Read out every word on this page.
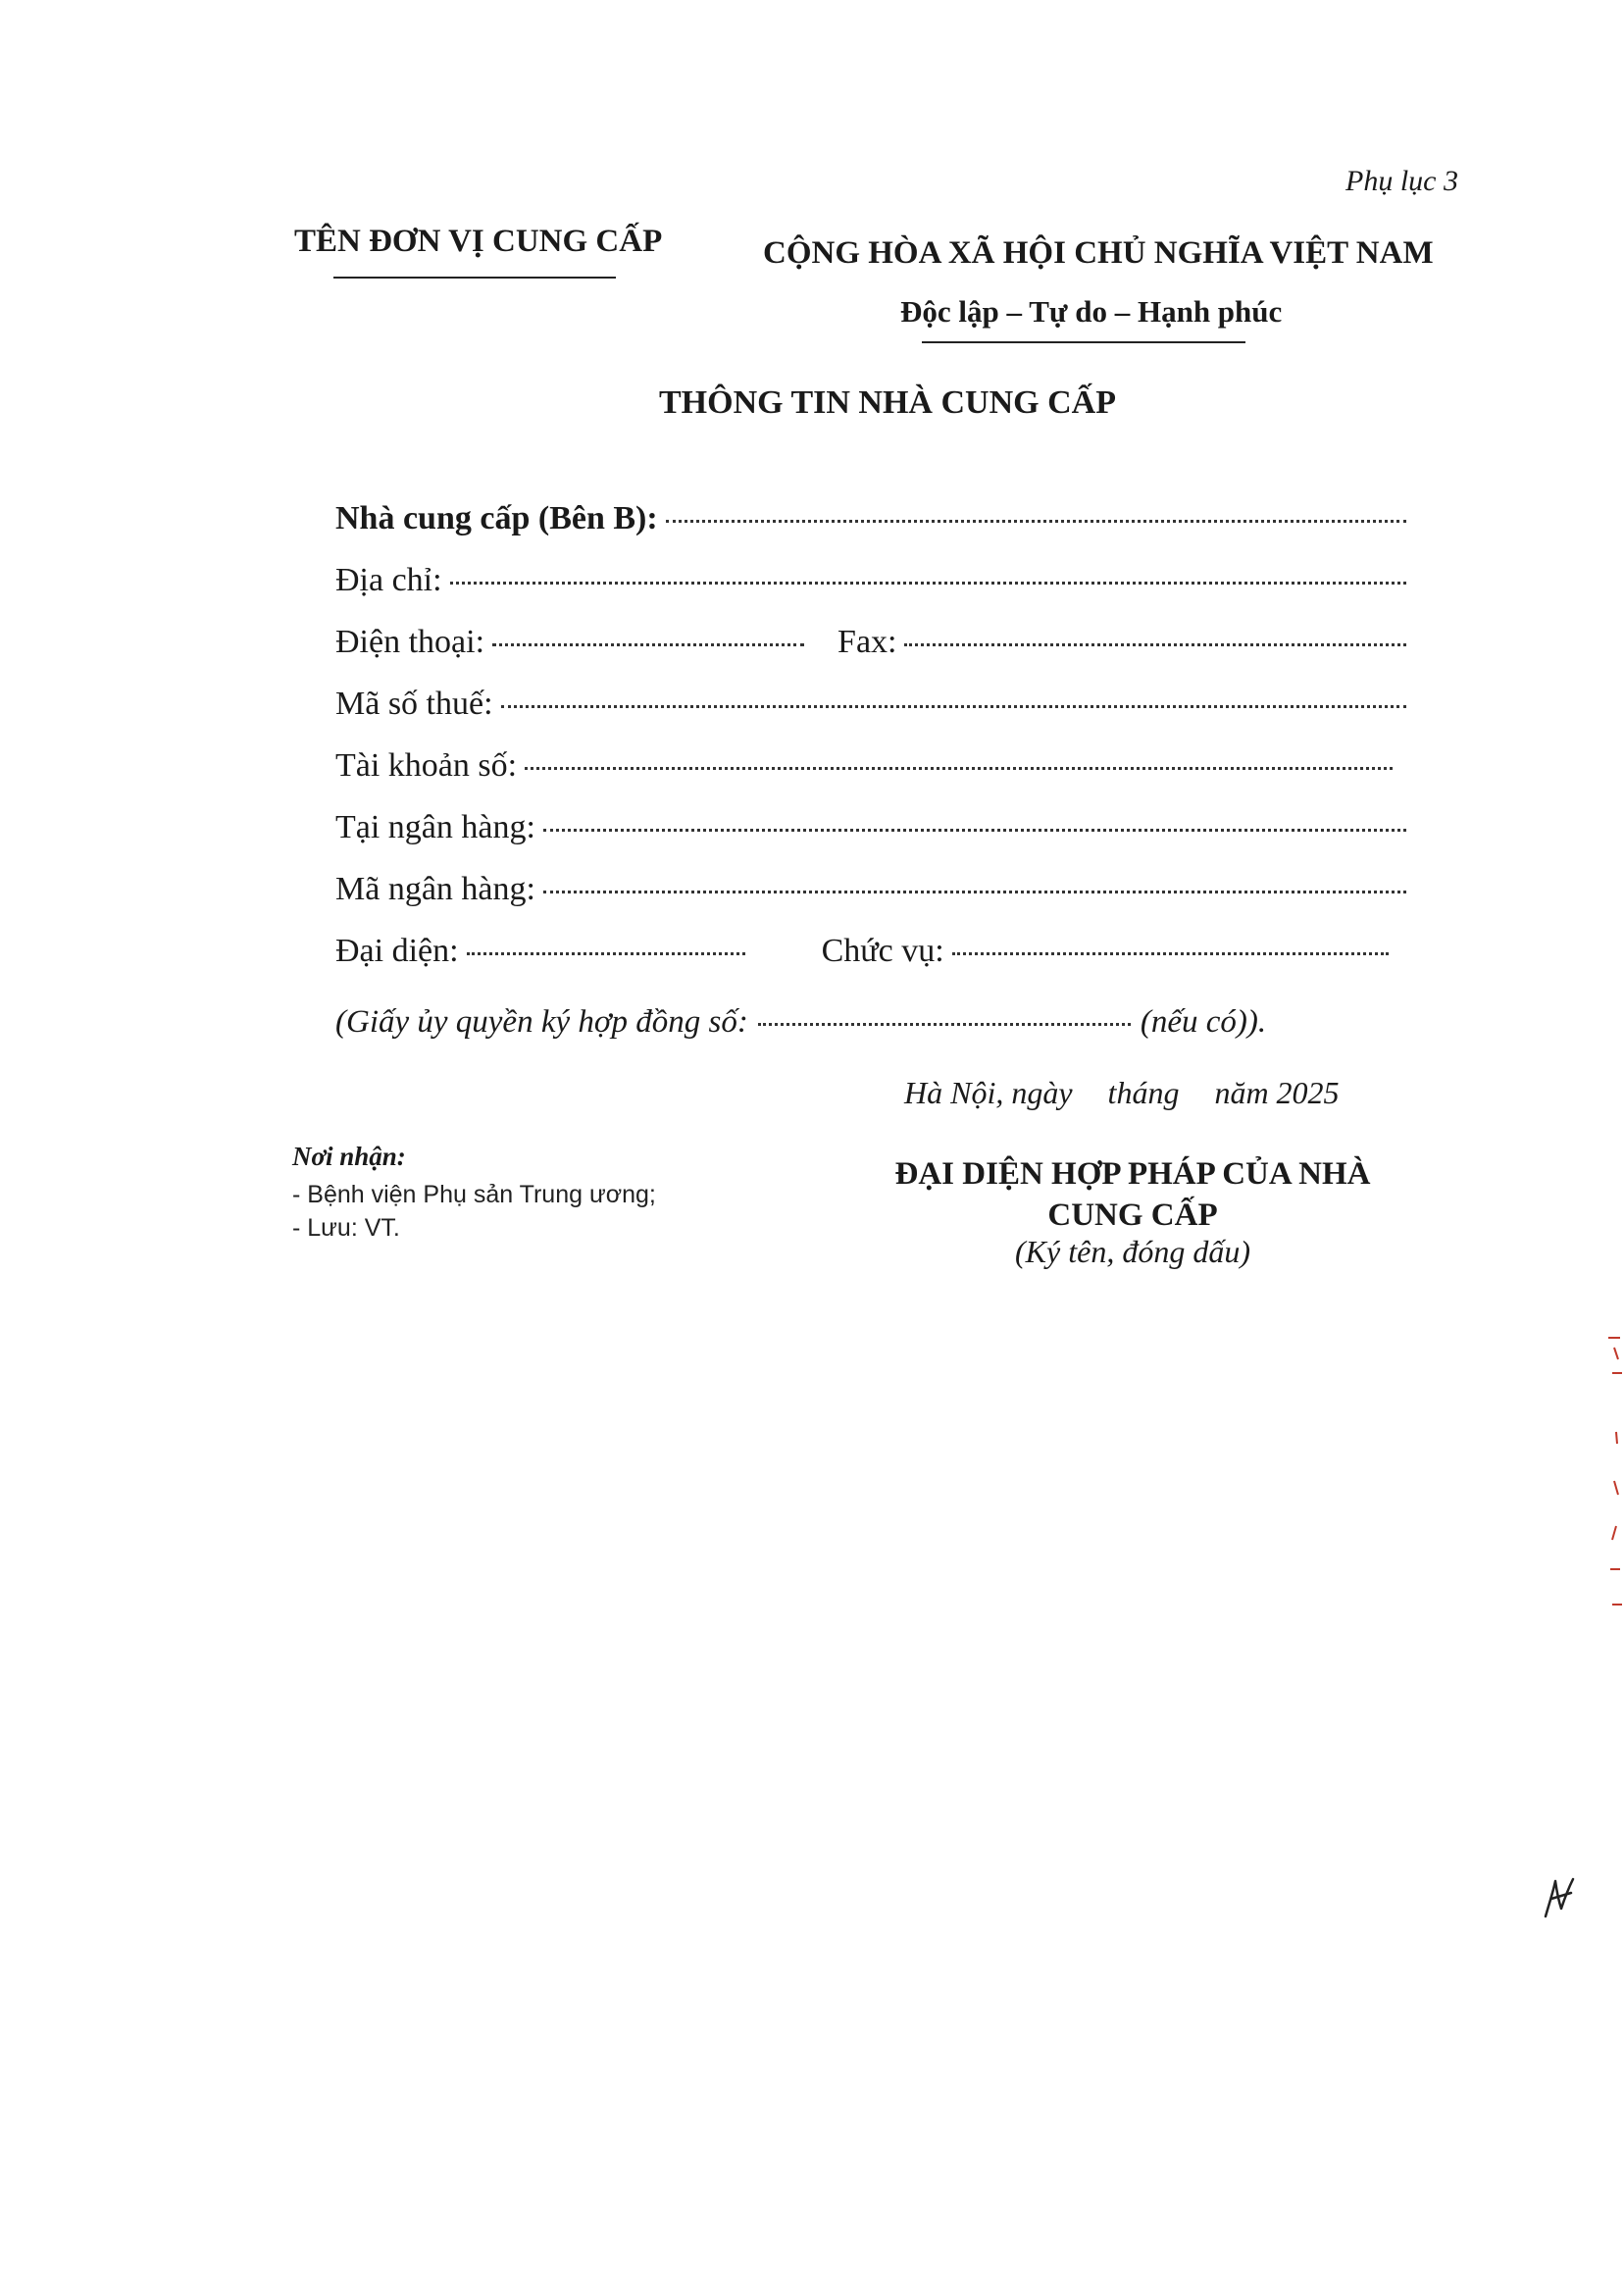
Phụ lục 3
TÊN ĐƠN VỊ CUNG CẤP	CỘNG HÒA XÃ HỘI CHỦ NGHĨA VIỆT NAM
Độc lập – Tự do – Hạnh phúc
THÔNG TIN NHÀ CUNG CẤP
Nhà cung cấp (Bên B):
Địa chỉ:
Điện thoại:	Fax:
Mã số thuế:
Tài khoản số:
Tại ngân hàng:
Mã ngân hàng:
Đại diện:	Chức vụ:
(Giấy ủy quyền ký hợp đồng số:	(nếu có)).
Hà Nội, ngày tháng năm 2025
Nơi nhận:
- Bệnh viện Phụ sản Trung ương;
- Lưu: VT.
ĐẠI DIỆN HỢP PHÁP CỦA NHÀ CUNG CẤP
(Ký tên, đóng dấu)
